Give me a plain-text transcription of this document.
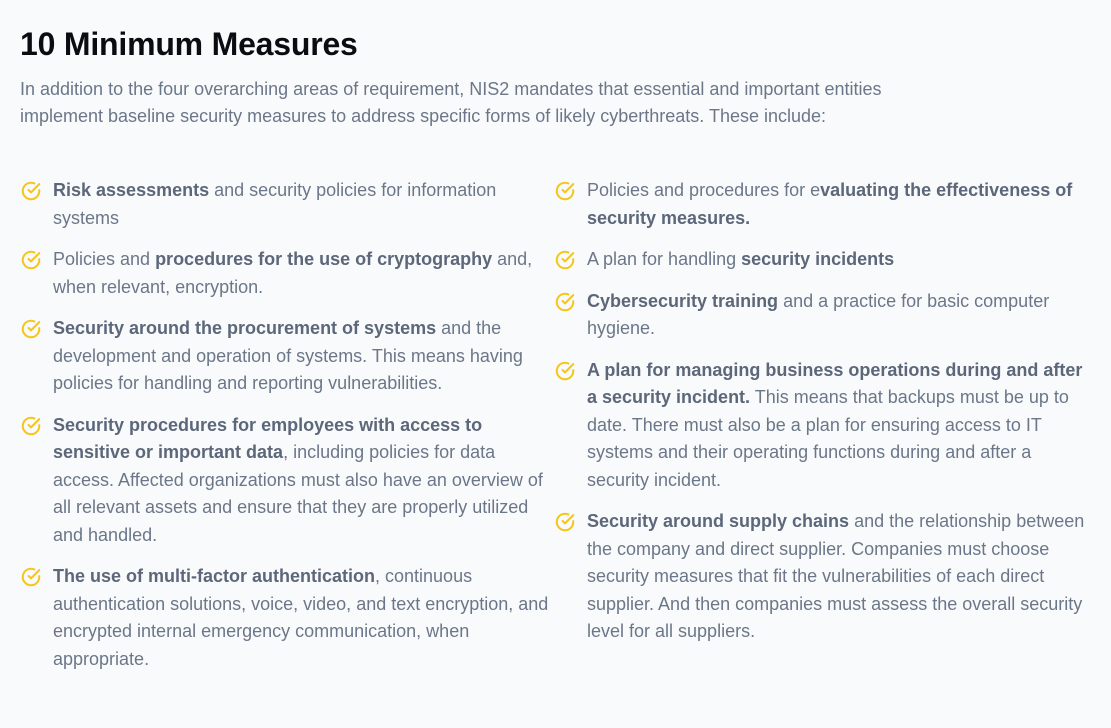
10 Minimum Measures

In addition to the four overarching areas of requirement, NIS2 mandates that essential and important entities
implement baseline security measures to address specific forms of likely cyberthreats. These include:

Risk assessments and security policies for information systems
Policies and procedures for the use of cryptography and, when relevant, encryption.
Security around the procurement of systems and the development and operation of systems. This means having policies for handling and reporting vulnerabilities.
Security procedures for employees with access to sensitive or important data, including policies for data access. Affected organizations must also have an overview of all relevant assets and ensure that they are properly utilized and handled.
The use of multi-factor authentication, continuous authentication solutions, voice, video, and text encryption, and encrypted internal emergency communication, when appropriate.
Policies and procedures for evaluating the effectiveness of security measures.
A plan for handling security incidents
Cybersecurity training and a practice for basic computer hygiene.
A plan for managing business operations during and after a security incident. This means that backups must be up to date. There must also be a plan for ensuring access to IT systems and their operating functions during and after a security incident.
Security around supply chains and the relationship between the company and direct supplier. Companies must choose security measures that fit the vulnerabilities of each direct supplier. And then companies must assess the overall security level for all suppliers.
